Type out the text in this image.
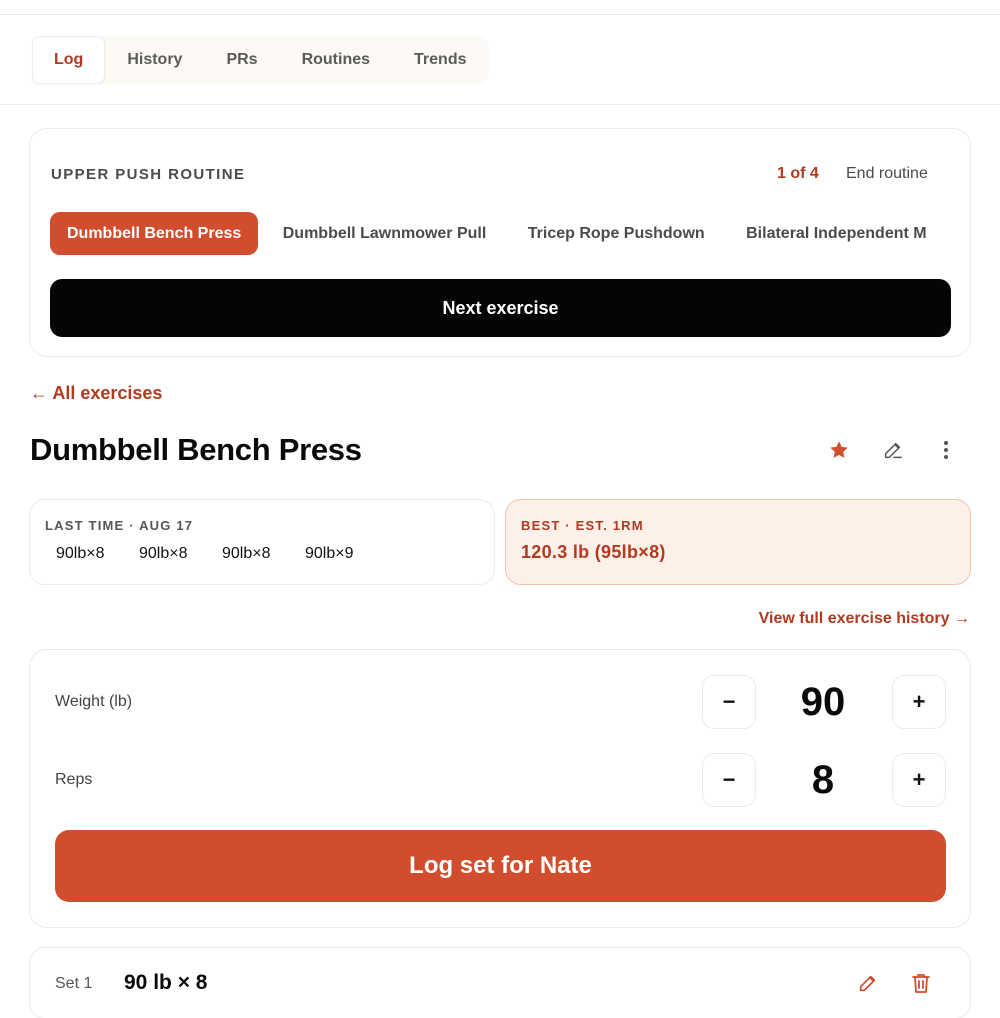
Log	History	PRs	Routines	Trends
UPPER PUSH ROUTINE	1 of 4 End routine
Dumbbell Bench Press	Dumbbell Lawnmower Pull	Tricep Rope Pushdown	Bilateral Independent M
Next exercise
← All exercises
Dumbbell Bench Press
LAST TIME · AUG 17
90lb×8	90lb×8	90lb×8	90lb×9
BEST · EST. 1RM
120.3 lb (95lb×8)
View full exercise history →
Weight (lb)	−	90	+
Reps	−	8	+
Log set for Nate
Set 1 90 lb × 8
